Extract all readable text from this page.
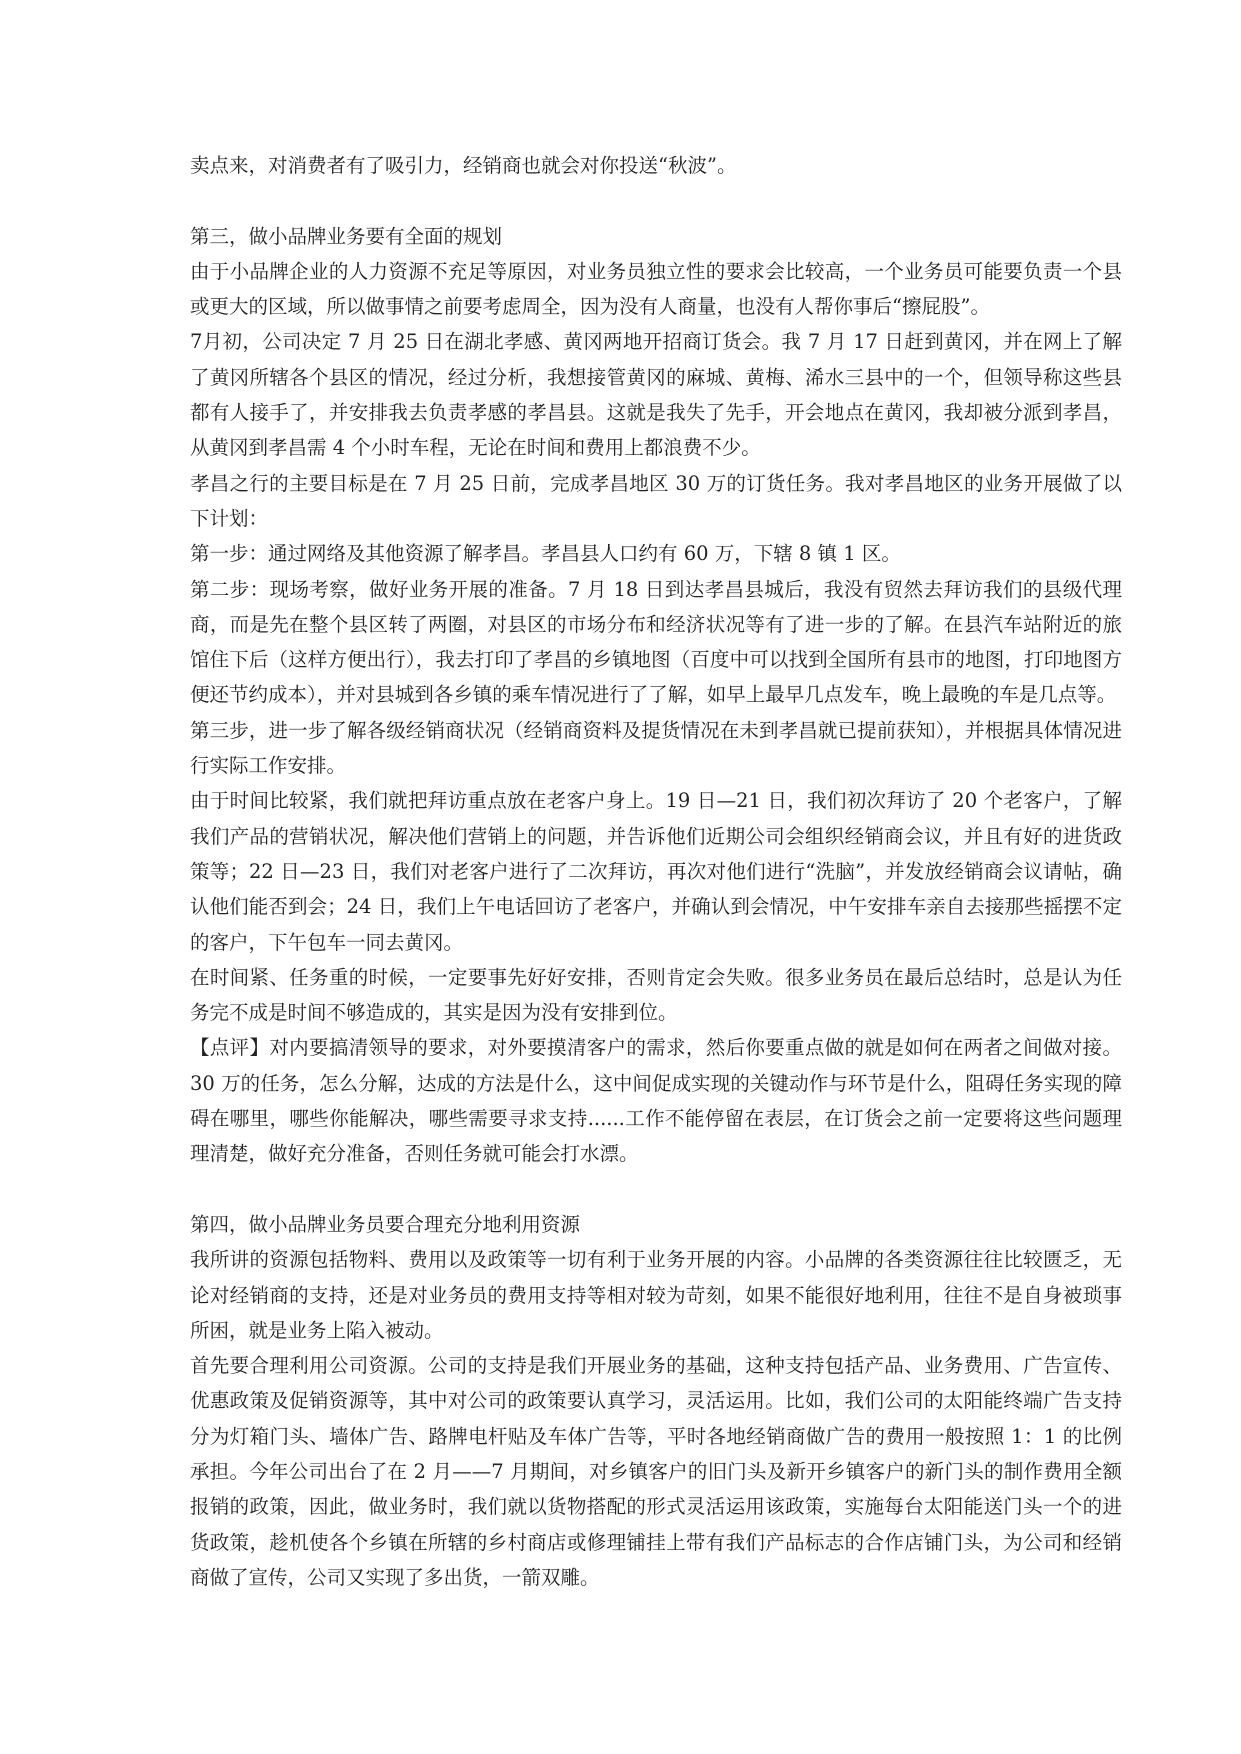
卖点来，对消费者有了吸引力，经销商也就会对你投送“秋波”。

第三，做小品牌业务要有全面的规划

由于小品牌企业的人力资源不充足等原因，对业务员独立性的要求会比较高，一个业务员可能要负责一个县或更大的区域，所以做事情之前要考虑周全，因为没有人商量，也没有人帮你事后“擦屁股”。

7月初，公司决定 7 月 25 日在湖北孝感、黄冈两地开招商订货会。我 7 月 17 日赶到黄冈，并在网上了解了黄冈所辖各个县区的情况，经过分析，我想接管黄冈的麻城、黄梅、浠水三县中的一个，但领导称这些县都有人接手了，并安排我去负责孝感的孝昌县。这就是我失了先手，开会地点在黄冈，我却被分派到孝昌，从黄冈到孝昌需 4 个小时车程，无论在时间和费用上都浪费不少。

孝昌之行的主要目标是在 7 月 25 日前，完成孝昌地区 30 万的订货任务。我对孝昌地区的业务开展做了以下计划：

第一步：通过网络及其他资源了解孝昌。孝昌县人口约有 60 万，下辖 8 镇 1 区。

第二步：现场考察，做好业务开展的准备。7 月 18 日到达孝昌县城后，我没有贸然去拜访我们的县级代理商，而是先在整个县区转了两圈，对县区的市场分布和经济状况等有了进一步的了解。在县汽车站附近的旅馆住下后（这样方便出行），我去打印了孝昌的乡镇地图（百度中可以找到全国所有县市的地图，打印地图方便还节约成本），并对县城到各乡镇的乘车情况进行了了解，如早上最早几点发车，晚上最晚的车是几点等。

第三步，进一步了解各级经销商状况（经销商资料及提货情况在未到孝昌就已提前获知），并根据具体情况进行实际工作安排。

由于时间比较紧，我们就把拜访重点放在老客户身上。19 日—21 日，我们初次拜访了 20 个老客户，了解我们产品的营销状况，解决他们营销上的问题，并告诉他们近期公司会组织经销商会议，并且有好的进货政策等；22 日—23 日，我们对老客户进行了二次拜访，再次对他们进行“洗脑”，并发放经销商会议请帖，确认他们能否到会；24 日，我们上午电话回访了老客户，并确认到会情况，中午安排车亲自去接那些摇摆不定的客户，下午包车一同去黄冈。

在时间紧、任务重的时候，一定要事先好好安排，否则肯定会失败。很多业务员在最后总结时，总是认为任务完不成是时间不够造成的，其实是因为没有安排到位。

【点评】对内要搞清领导的要求，对外要摸清客户的需求，然后你要重点做的就是如何在两者之间做对接。30 万的任务，怎么分解，达成的方法是什么，这中间促成实现的关键动作与环节是什么，阻碍任务实现的障碍在哪里，哪些你能解决，哪些需要寻求支持......工作不能停留在表层，在订货会之前一定要将这些问题理理清楚，做好充分准备，否则任务就可能会打水漂。

第四，做小品牌业务员要合理充分地利用资源

我所讲的资源包括物料、费用以及政策等一切有利于业务开展的内容。小品牌的各类资源往往比较匮乏，无论对经销商的支持，还是对业务员的费用支持等相对较为苛刻，如果不能很好地利用，往往不是自身被琐事所困，就是业务上陷入被动。

首先要合理利用公司资源。公司的支持是我们开展业务的基础，这种支持包括产品、业务费用、广告宣传、优惠政策及促销资源等，其中对公司的政策要认真学习，灵活运用。比如，我们公司的太阳能终端广告支持分为灯箱门头、墙体广告、路牌电杆贴及车体广告等，平时各地经销商做广告的费用一般按照 1：1 的比例承担。今年公司出台了在 2 月——7 月期间，对乡镇客户的旧门头及新开乡镇客户的新门头的制作费用全额报销的政策，因此，做业务时，我们就以货物搭配的形式灵活运用该政策，实施每台太阳能送门头一个的进货政策，趁机使各个乡镇在所辖的乡村商店或修理铺挂上带有我们产品标志的合作店铺门头，为公司和经销商做了宣传，公司又实现了多出货，一箭双雕。
